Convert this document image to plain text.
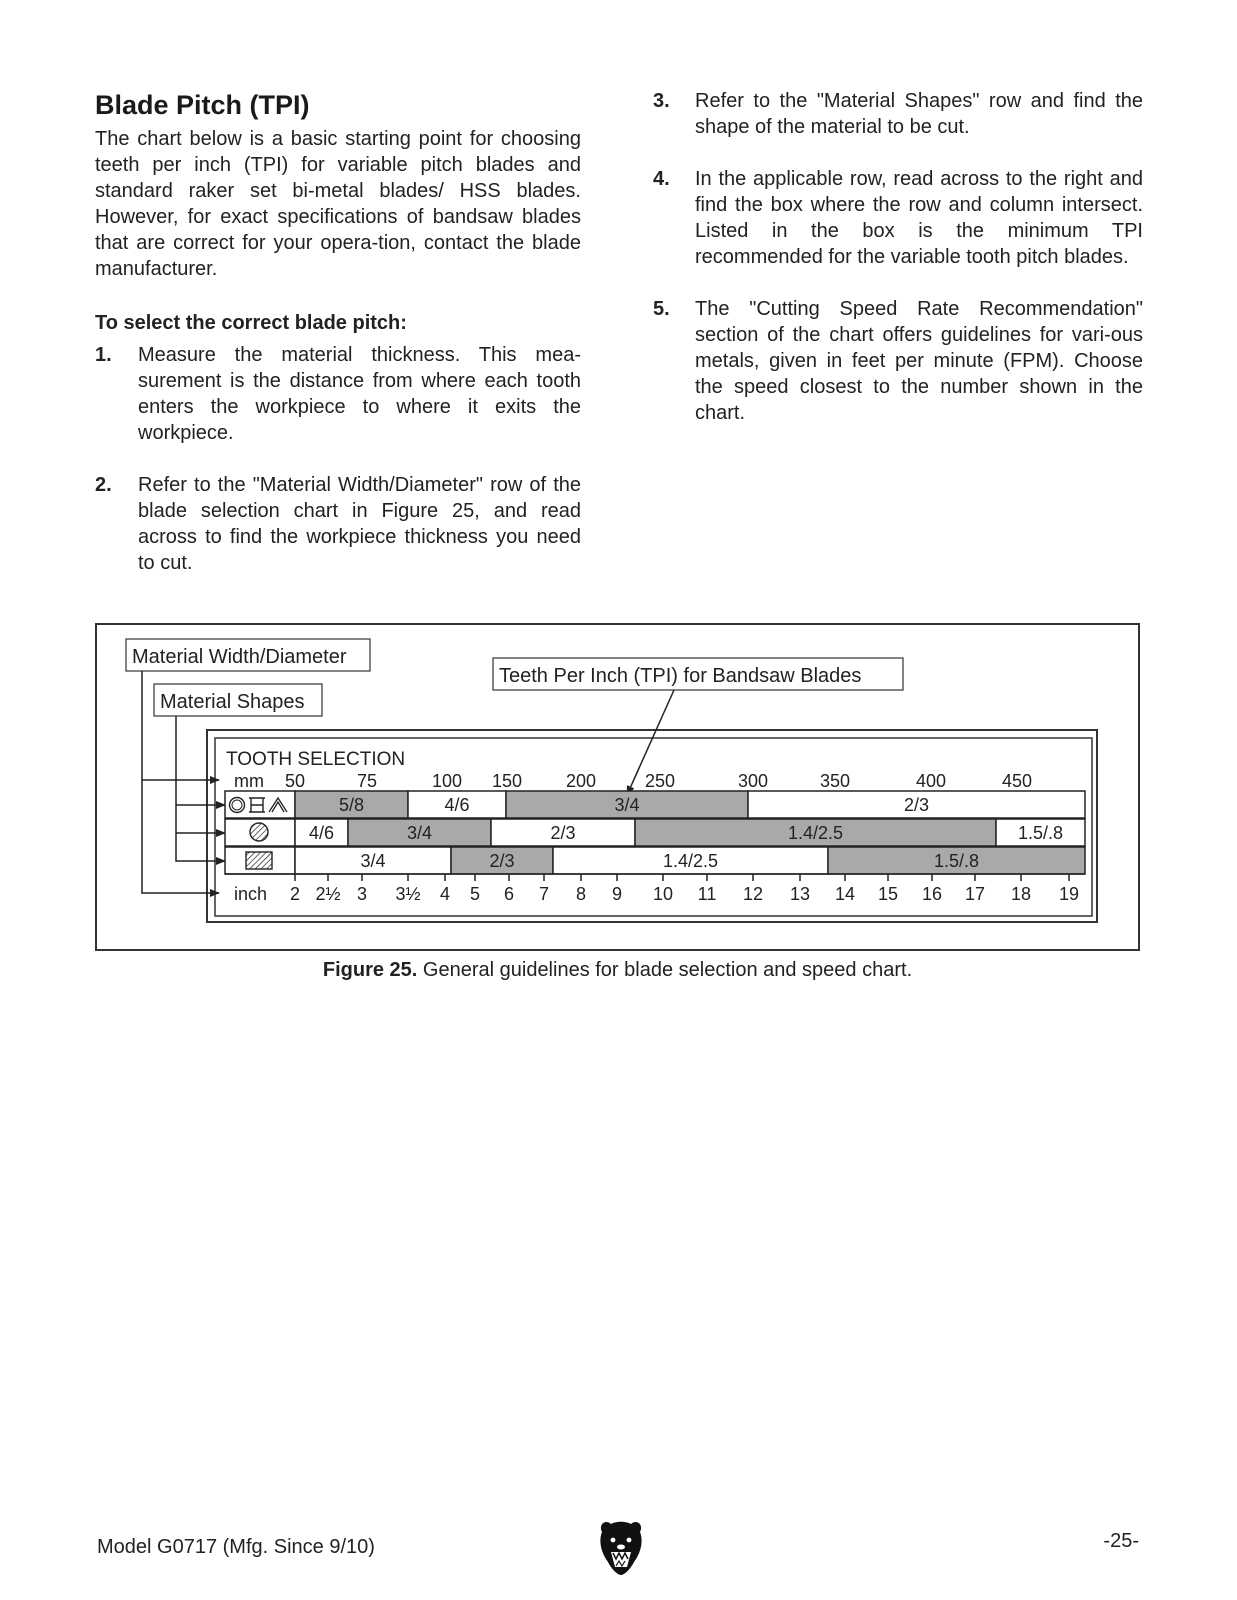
Blade Pitch (TPI)

The chart below is a basic starting point for choosing teeth per inch (TPI) for variable pitch blades and standard raker set bi-metal blades/ HSS blades. However, for exact specifications of bandsaw blades that are correct for your opera-tion, contact the blade manufacturer.

To select the correct blade pitch:

1. Measure the material thickness. This mea-surement is the distance from where each tooth enters the workpiece to where it exits the workpiece.
2. Refer to the "Material Width/Diameter" row of the blade selection chart in Figure 25, and read across to find the workpiece thickness you need to cut.
3. Refer to the "Material Shapes" row and find the shape of the material to be cut.
4. In the applicable row, read across to the right and find the box where the row and column intersect. Listed in the box is the minimum TPI recommended for the variable tooth pitch blades.
5. The "Cutting Speed Rate Recommendation" section of the chart offers guidelines for vari-ous metals, given in feet per minute (FPM). Choose the speed closest to the number shown in the chart.
Material Width/Diameter
Material Shapes
Teeth Per Inch (TPI) for Bandsaw Blades
TOOTH SELECTION
mm
inch
50	75	100 150 200	250	300	350	400	450
5/8	4/6	3/4	2/3
4/6	3/4	2/3	1.4/2.5	1.5/.8
3/4	2/3	1.4/2.5	1.5/.8
2 2½ 3 3½ 4 5 6 7 8 9 10 11 12 13 14 15 16 17 18 19

Figure 25. General guidelines for blade selection and speed chart.

Model G0717 (Mfg. Since 9/10)	-25-
